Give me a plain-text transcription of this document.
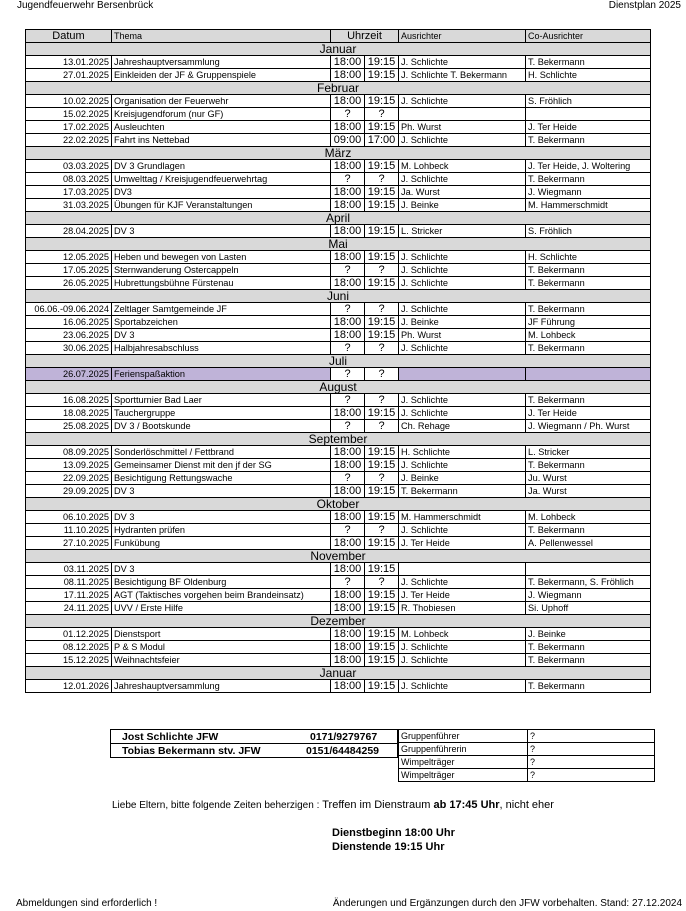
Jugendfeuerwehr Bersenbrück	Dienstplan 2025
Datum	Thema	Uhrzeit		Ausrichter	Co-Ausrichter
Januar					
13.01.2025	Jahreshauptversammlung	18:00	19:15	J. Schlichte	T. Bekermann
27.01.2025	Einkleiden der JF & Gruppenspiele	18:00	19:15	J. Schlichte T. Bekermann	H. Schlichte
Februar					
10.02.2025	Organisation der Feuerwehr	18:00	19:15	J. Schlichte	S. Fröhlich
15.02.2025	Kreisjugendforum (nur GF)	?	?		
17.02.2025	Ausleuchten	18:00	19:15	Ph. Wurst	J. Ter Heide
22.02.2025	Fahrt ins Nettebad	09:00	17:00	J. Schlichte	T. Bekermann
März					
03.03.2025	DV 3 Grundlagen	18:00	19:15	M. Lohbeck	J. Ter Heide, J. Woltering
08.03.2025	Umwelttag / Kreisjugendfeuerwehrtag	?	?	J. Schlichte	T. Bekermann
17.03.2025	DV3	18:00	19:15	Ja. Wurst	J. Wiegmann
31.03.2025	Übungen für KJF Veranstaltungen	18:00	19:15	J. Beinke	M. Hammerschmidt
April					
28.04.2025	DV 3	18:00	19:15	L. Stricker	S. Fröhlich
Mai					
12.05.2025	Heben und bewegen von Lasten	18:00	19:15	J. Schlichte	H. Schlichte
17.05.2025	Sternwanderung Ostercappeln	?	?	J. Schlichte	T. Bekermann
26.05.2025	Hubrettungsbühne Fürstenau	18:00	19:15	J. Schlichte	T. Bekermann
Juni					
06.06.-09.06.2024	Zeltlager Samtgemeinde JF	?	?	J. Schlichte	T. Bekermann
16.06.2025	Sportabzeichen	18:00	19:15	J. Beinke	JF Führung
23.06.2025	DV 3	18:00	19:15	Ph. Wurst	M. Lohbeck
30.06.2025	Halbjahresabschluss	?	?	J. Schlichte	T. Bekermann
Juli					
26.07.2025	Ferienspaßaktion	?	?		
August					
16.08.2025	Sportturnier Bad Laer	?	?	J. Schlichte	T. Bekermann
18.08.2025	Tauchergruppe	18:00	19:15	J. Schlichte	J. Ter Heide
25.08.2025	DV 3 / Bootskunde	?	?	Ch. Rehage	J. Wiegmann / Ph. Wurst
September					
08.09.2025	Sonderlöschmittel / Fettbrand	18:00	19:15	H. Schlichte	L. Stricker
13.09.2025	Gemeinsamer Dienst mit den jf der SG	18:00	19:15	J. Schlichte	T. Bekermann
22.09.2025	Besichtigung Rettungswache	?	?	J. Beinke	Ju. Wurst
29.09.2025	DV 3	18:00	19:15	T. Bekermann	Ja. Wurst
Oktober					
06.10.2025	DV 3	18:00	19:15	M. Hammerschmidt	M. Lohbeck
11.10.2025	Hydranten prüfen	?	?	J. Schlichte	T. Bekermann
27.10.2025	Funkübung	18:00	19:15	J. Ter Heide	A. Pellenwessel
November					
03.11.2025	DV 3	18:00	19:15		
08.11.2025	Besichtigung BF Oldenburg	?	?	J. Schlichte	T. Bekermann, S. Fröhlich
17.11.2025	AGT (Taktisches vorgehen beim Brandeinsatz)	18:00	19:15	J. Ter Heide	J. Wiegmann
24.11.2025	UVV / Erste Hilfe	18:00	19:15	R. Thobiesen	Si. Uphoff
Dezember					
01.12.2025	Dienstsport	18:00	19:15	M. Lohbeck	J. Beinke
08.12.2025	P & S Modul	18:00	19:15	J. Schlichte	T. Bekermann
15.12.2025	Weihnachtsfeier	18:00	19:15	J. Schlichte	T. Bekermann
Januar					
12.01.2026	Jahreshauptversammlung	18:00	19:15	J. Schlichte	T. Bekermann
Jost Schlichte JFW	0171/9279767
Tobias Bekermann stv. JFW	0151/64484259
Gruppenführer	?
Gruppenführerin	?
Wimpelträger	?
Wimpelträger	?
Liebe Eltern, bitte folgende Zeiten beherzigen : Treffen im Dienstraum ab 17:45 Uhr, nicht eher
Dienstbeginn 18:00 Uhr
Dienstende 19:15 Uhr
Abmeldungen sind erforderlich !	Änderungen und Ergänzungen durch den JFW vorbehalten. Stand: 27.12.2024
